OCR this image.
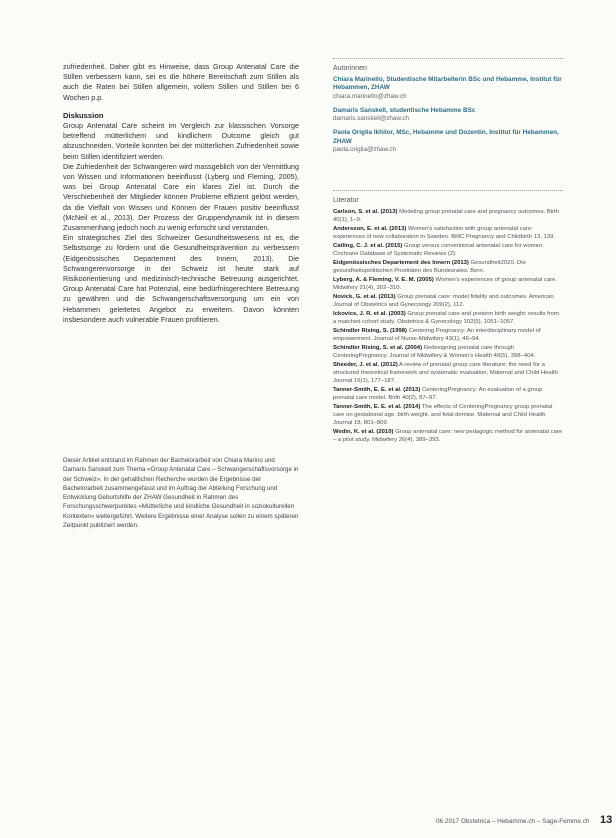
zufriedenheit. Daher gibt es Hinweise, dass Group Antenatal Care die Stillen verbessern kann, sei es die höhere Bereitschaft zum Stillen als auch die Raten bei Stillen allgemein, vollem Stillen und Stillen bei 6 Wochen p.p.

Diskussion

Group Antenatal Care scheint im Vergleich zur klassischen Vorsorge betreffend mütterlichem und kindlichem Outcome gleich gut abzuschneiden. Vorteile konnten bei der mütterlichen Zufriedenheit sowie beim Stillen identifiziert werden.

Die Zufriedenheit der Schwangeren wird massgeblich von der Vermittlung von Wissen und Informationen beeinflusst (Lyberg und Fleming, 2005), was bei Group Antenatal Care ein klares Ziel ist. Durch die Verschiebenheit der Mitglieder können Probleme effizient gelöst werden, da die Vielfalt von Wissen und Können der Frauen positiv beeinflusst (McNeil et al., 2013). Der Prozess der Gruppendynamik ist in diesem Zusammenhang jedoch noch zu wenig erforscht und verstanden.

Ein strategisches Ziel des Schweizer Gesundheitswesens ist es, die Selbstsorge zu fördern und die Gesundheitsprävention zu verbessern (Eidgenössisches Departement des Innern, 2013). Die Schwangerenvorsorge in der Schweiz ist heute stark auf Risikoorientierung und medizinisch-technische Betreuung ausgerichtet. Group Antenatal Care hat Potenzial, eine bedürfnisgerechtere Betreuung zu gewähren und die Schwangerschaftsversorgung um ein von Hebammen geleitetes Angebot zu erweitern. Davon könnten insbesondere auch vulnerable Frauen profitieren.

Dieser Artikel entstand im Rahmen der Bachelorarbeit von Chiara Marino und Damaris Sanskell zum Thema «Group Antenatal Care – Schwangerschaftsvorsorge in der Schweiz». In der gehaltlichen Recherche wurden die Ergebnisse der Bachelorarbeit zusammengefasst und im Auftrag der Abteilung Forschung und Entwicklung Geburtshilfe der ZHAW Gesundheit in Rahmen des Forschungsschwerpunktes «Mütterliche und kindliche Gesundheit in soziokulturellen Kontexten» weitergeführt. Weitere Ergebnisse einer Analyse sollen zu einem späteren Zeitpunkt publiziert werden.
Autorinnen
Chiara Marinello, Studentische Mitarbeiterin BSc und Hebamme, Institut für Hebammen, ZHAW
chiara.marinello@zhaw.ch
Damaris Sanskell, studentische Hebamme BSc
damaris.sanskell@zhaw.ch
Paola Origlia Ikhilor, MSc, Hebamme und Dozentin, Institut für Hebammen, ZHAW
paola.origlia@zhaw.ch
Literatur
Carlson, S. et al. (2013) Modeling group prenatal care and pregnancy outcomes. Birth 40(1), 1–9.
Andersson, E. et al. (2013) Women's satisfaction with group antenatal care: experiences of new collaboration in Sweden. BMC Pregnancy and Childbirth 13, 139.
Catling, C. J. et al. (2015) Group versus conventional antenatal care for women. Cochrane Database of Systematic Reviews (2).
Eidgenössisches Departement des Innern (2013) Gesundheit2020. Die gesundheitspolitischen Prioritäten des Bundesrates. Bern.
Lyberg, A. & Fleming, V. E. M. (2005) Women's experiences of group antenatal care. Midwifery 21(4), 302–310.
Novick, G. et al. (2013) Group prenatal care: model fidelity and outcomes. American Journal of Obstetrics and Gynecology 209(2), 112.
Ickovics, J. R. et al. (2003) Group prenatal care and preterm birth weight: results from a matched cohort study. Obstetrics & Gynecology 102(5), 1051–1057.
Schindler Rising, S. (1998) Centering Pregnancy: An interdisciplinary model of empowerment. Journal of Nurse-Midwifery 43(1), 46–54.
Schindler Rising, S. et al. (2004) Redesigning prenatal care through CenteringPregnancy. Journal of Midwifery & Women's Health 49(5), 398–404.
Sheeder, J. et al. (2012) A review of prenatal group care literature: the need for a structured theoretical framework and systematic evaluation. Maternal and Child Health Journal 16(1), 177–187.
Tanner-Smith, E. E. et al. (2013) CenteringPregnancy: An evaluation of a group prenatal care model. Birth 40(2), 87–97.
Tanner-Smith, E. E. et al. (2014) The effects of CenteringPregnancy group prenatal care on gestational age, birth weight, and fetal demise. Maternal and Child Health Journal 18, 801–809.
Wedin, K. et al. (2010) Group antenatal care: new pedagogic method for antenatal care – a pilot study. Midwifery 26(4), 389–393.
06 2017 Obstetrica – Hebamme.ch – Sage-Femme.ch 13
